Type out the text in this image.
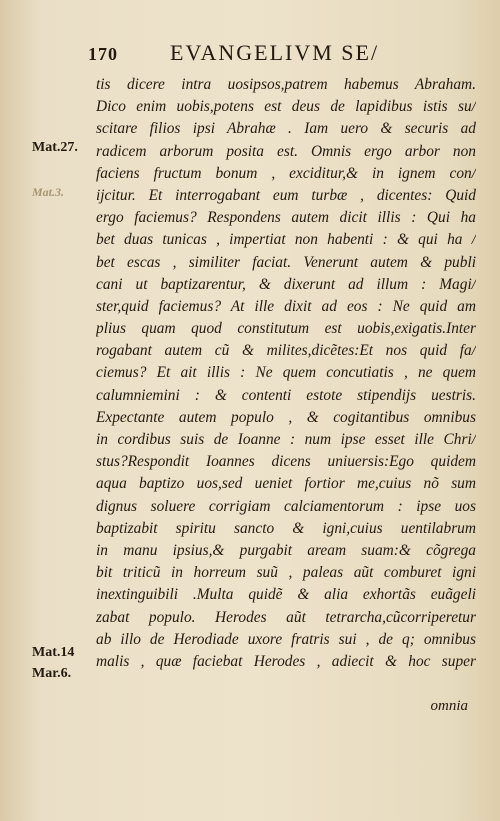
170 EVANGELIVM SE/
Mat.27.
Mat.3.
Mat.14
Mar.6.
tis dicere intra uosipsos,patrem habemus Abraham.
Dico enim uobis,potens est deus de lapidibus istis su/
scitare filios ipsi Abrahæ . Iam uero & securis ad
radicem arborum posita est. Omnis ergo arbor non
faciens fructum bonum , exciditur,& in ignem con/
ijcitur. Et interrogabant eum turbæ , dicentes: Quid
ergo faciemus? Respondens autem dicit illis : Qui ha
bet duas tunicas , impertiat non habenti : & qui ha /
bet escas , similiter faciat. Venerunt autem & publi
cani ut baptizarentur, & dixerunt ad illum : Magi/
ster,quid faciemus? At ille dixit ad eos : Ne quid am
plius quam quod constitutum est uobis,exigatis.Inter
rogabant autem cũ & milites,dicẽtes:Et nos quid fa/
ciemus? Et ait illis : Ne quem concutiatis , ne quem
calumniemini : & contenti estote stipendijs uestris.
Expectante autem populo , & cogitantibus omnibus
in cordibus suis de Ioanne : num ipse esset ille Chri/
stus?Respondit Ioannes dicens uniuersis:Ego quidem
aqua baptizo uos,sed ueniet fortior me,cuius nõ sum
dignus soluere corrigiam calciamentorum : ipse uos
baptizabit spiritu sancto & igni,cuius uentilabrum
in manu ipsius,& purgabit aream suam:& cõgrega
bit triticũ in horreum suũ , paleas aũt comburet igni
inextinguibili .Multa quidẽ & alia exhortãs euãgeli
zabat populo. Herodes aũt tetrarcha,cũcorriperetur
ab illo de Herodiade uxore fratris sui , de q; omnibus
malis , quæ faciebat Herodes , adiecit & hoc super
omnia
